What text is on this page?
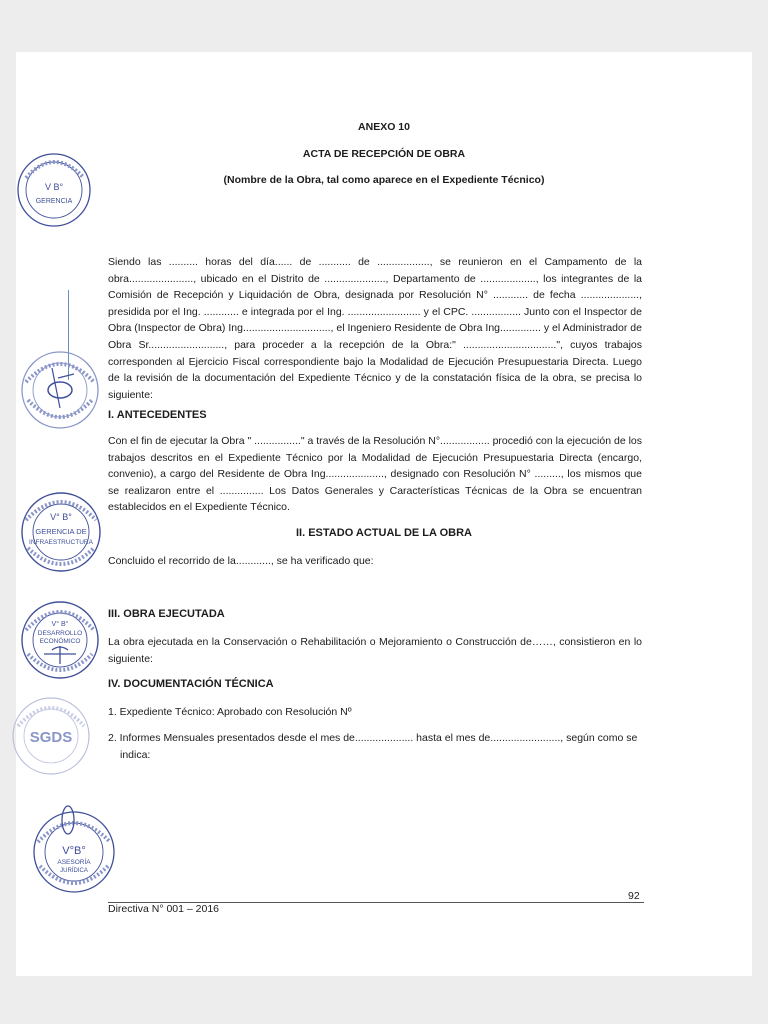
ANEXO 10
ACTA DE RECEPCIÓN DE OBRA
(Nombre de la Obra, tal como aparece en el Expediente Técnico)
Siendo las .......... horas del día...... de ........... de .................., se reunieron en el Campamento de la obra......................, ubicado en el Distrito de ....................., Departamento de ..................., los integrantes de la Comisión de Recepción y Liquidación de Obra, designada por Resolución N° ............ de fecha ...................., presidida por el Ing. ............ e integrada por el Ing. ......................... y el CPC. ................. Junto con el Inspector de Obra (Inspector de Obra) Ing.............................., el Ingeniero Residente de Obra Ing.............. y el Administrador de Obra Sr.........................., para proceder a la recepción de la Obra:" ................................", cuyos trabajos corresponden al Ejercicio Fiscal correspondiente bajo la Modalidad de Ejecución Presupuestaria Directa. Luego de la revisión de la documentación del Expediente Técnico y de la constatación física de la obra, se precisa lo siguiente:
I. ANTECEDENTES
Con el fin de ejecutar la Obra " ................" a través de la Resolución N°................. procedió con la ejecución de los trabajos descritos en el Expediente Técnico por la Modalidad de Ejecución Presupuestaria Directa (encargo, convenio), a cargo del Residente de Obra Ing...................., designado con Resolución N° ........., los mismos que se realizaron entre el ............... Los Datos Generales y Características Técnicas de la Obra se encuentran establecidos en el Expediente Técnico.
II. ESTADO ACTUAL DE LA OBRA
Concluido el recorrido de la............, se ha verificado que:
III. OBRA EJECUTADA
La obra ejecutada en la Conservación o Rehabilitación o Mejoramiento o Construcción de……, consistieron en lo siguiente:
IV. DOCUMENTACIÓN TÉCNICA
1. Expediente Técnico: Aprobado con Resolución Nº
2. Informes Mensuales presentados desde el mes de.................... hasta el mes de........................, según como se
indica:
92
Directiva N° 001 – 2016
V B°
GERENCIA
V° B°
GERENCIA DE
INFRAESTRUCTURA
V° B°
DESARROLLO
ECONÓMICO
SGDS
V°B°
ASESORÍA
JURÍDICA
